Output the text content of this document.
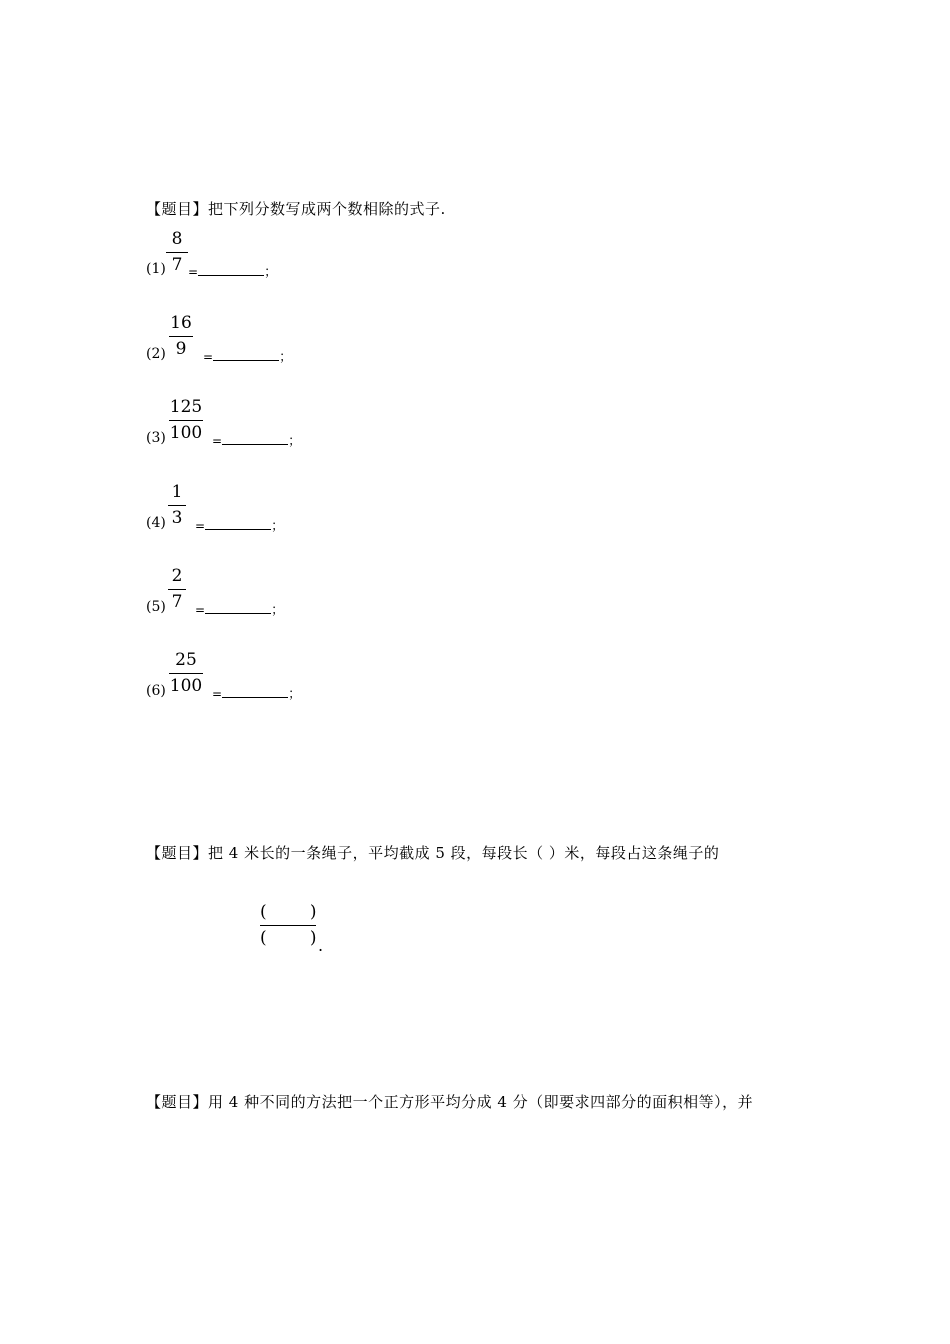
【题目】把下列分数写成两个数相除的式子.
8
7
(1) =	；
16
9
(2)	=	；
125
100
(3)	=	；
1
3
(4) =	；
2
7
(5) =	；
25
100
(6)	=	；
【题目】把 4 米长的一条绳子，平均截成 5 段，每段长（ ）米，每段占这条绳子的
(        )
(        ) .
【题目】用 4 种不同的方法把一个正方形平均分成 4 分（即要求四部分的面积相等），并
